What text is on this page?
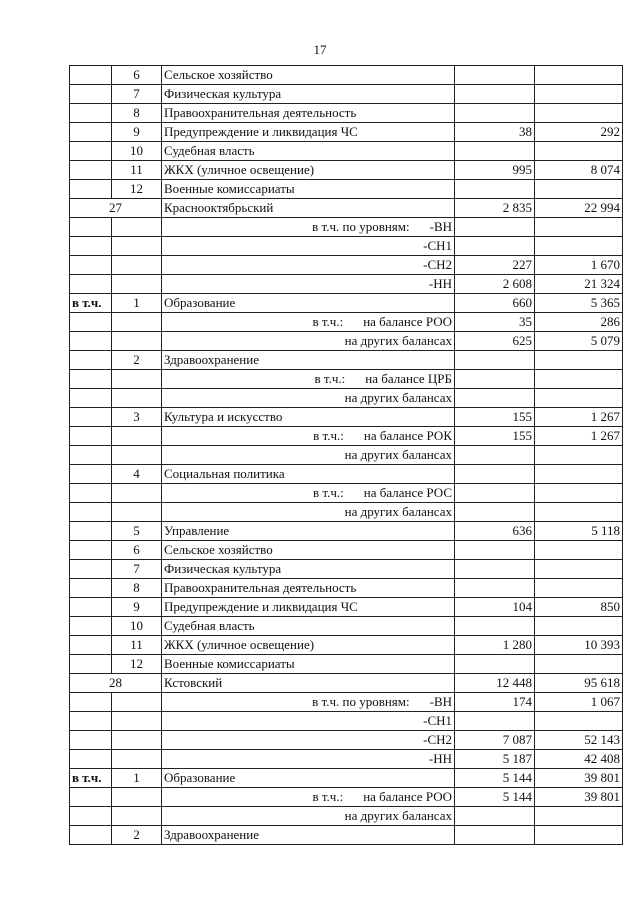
17
	6	Сельское хозяйство		
	7	Физическая культура		
	8	Правоохранительная деятельность		
	9	Предупреждение и ликвидация ЧС	38	292
	10	Судебная власть		
	11	ЖКХ (уличное освещение)	995	8 074
	12	Военные комиссариаты		
27		Краснооктябрьский	2 835	22 994
		в т.ч. по уровням: -ВН		
		-СН1		
		-СН2	227	1 670
		-НН	2 608	21 324
в т.ч.	1	Образование	660	5 365
		в т.ч.: на балансе РОО	35	286
		на других балансах	625	5 079
	2	Здравоохранение		
		в т.ч.: на балансе ЦРБ		
		на других балансах		
	3	Культура и искусство	155	1 267
		в т.ч.: на балансе РОК	155	1 267
		на других балансах		
	4	Социальная политика		
		в т.ч.: на балансе РОС		
		на других балансах		
	5	Управление	636	5 118
	6	Сельское хозяйство		
	7	Физическая культура		
	8	Правоохранительная деятельность		
	9	Предупреждение и ликвидация ЧС	104	850
	10	Судебная власть		
	11	ЖКХ (уличное освещение)	1 280	10 393
	12	Военные комиссариаты		
28		Кстовский	12 448	95 618
		в т.ч. по уровням: -ВН	174	1 067
		-СН1		
		-СН2	7 087	52 143
		-НН	5 187	42 408
в т.ч.	1	Образование	5 144	39 801
		в т.ч.: на балансе РОО	5 144	39 801
		на других балансах		
	2	Здравоохранение		
